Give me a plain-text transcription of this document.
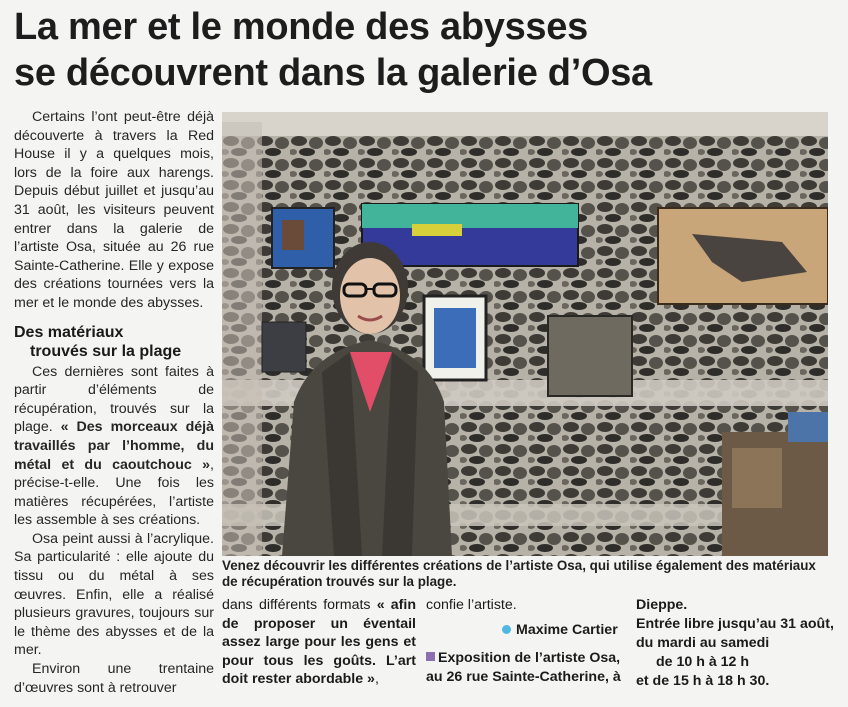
La mer et le monde des abysses
se découvrent dans la galerie d’Osa

Certains l’ont peut-être déjà découverte à travers la Red House il y a quelques mois, lors de la foire aux harengs. Depuis début juillet et jusqu’au 31 août, les visiteurs peuvent entrer dans la galerie de l’artiste Osa, située au 26 rue Sainte-Catherine. Elle y expose des créations tournées vers la mer et le monde des abysses.

Des matériaux
trouvés sur la plage

Ces dernières sont faites à partir d’éléments de récupération, trouvés sur la plage. « Des morceaux déjà travaillés par l’homme, du métal et du caoutchouc », précise-t-elle. Une fois les matières récupérées, l’artiste les assemble à ses créations.

Osa peint aussi à l’acrylique. Sa particularité : elle ajoute du tissu ou du métal à ses œuvres. Enfin, elle a réalisé plusieurs gravures, toujours sur le thème des abysses et de la mer.

Environ une trentaine d’œuvres sont à retrouver

Venez découvrir les différentes créations de l’artiste Osa, qui utilise également des matériaux de récupération trouvés sur la plage.

dans différents formats « afin de proposer un éventail assez large pour les gens et pour tous les goûts. L’art doit rester abordable »,

confie l’artiste.
Maxime Cartier
Exposition de l’artiste Osa, au 26 rue Sainte-Catherine, à
Dieppe.
Entrée libre jusqu’au 31 août,
du mardi au samedi
de 10 h à 12 h
et de 15 h à 18 h 30.
